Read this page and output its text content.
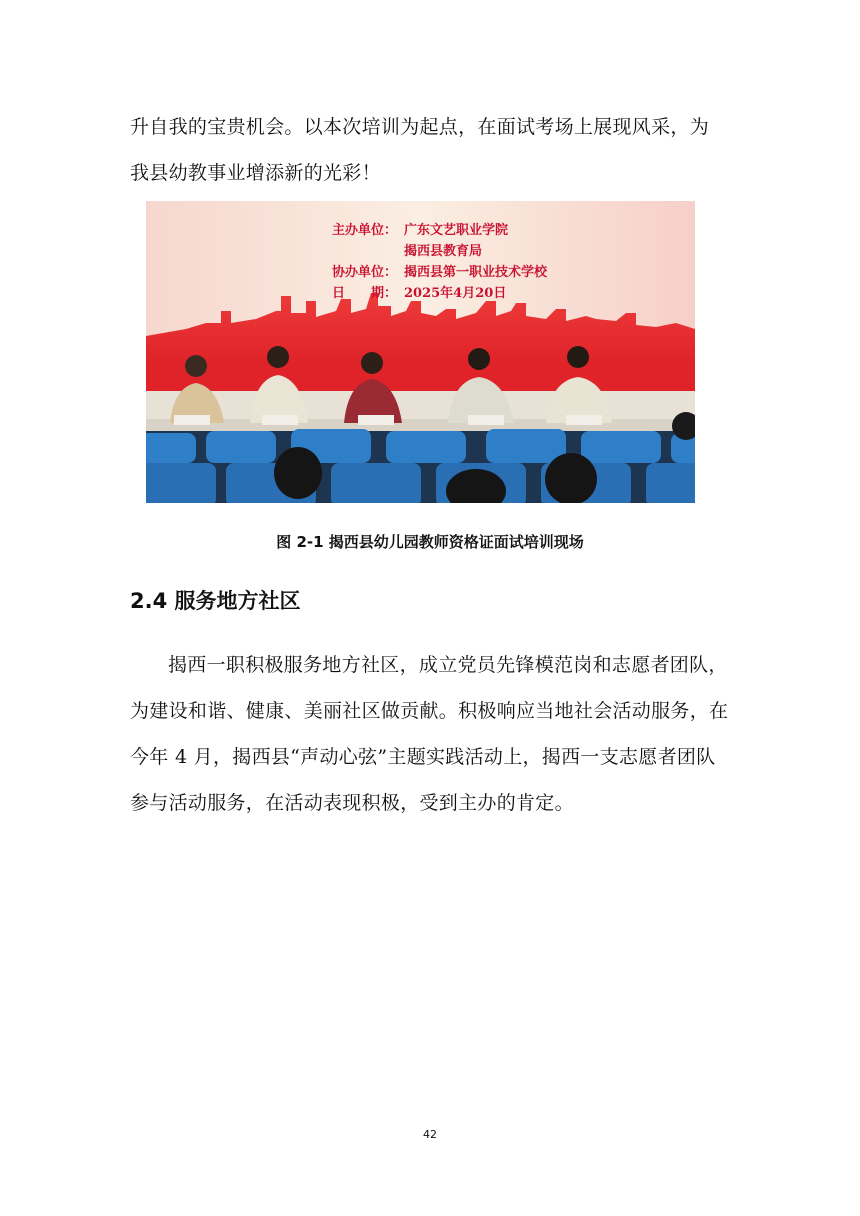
升自我的宝贵机会。以本次培训为起点，在面试考场上展现风采，为
我县幼教事业增添新的光彩！

主办单位： 广东文艺职业学院
揭西县教育局
协办单位： 揭西县第一职业技术学校
日　　期： 2025年4月20日

图 2-1 揭西县幼儿园教师资格证面试培训现场

2.4 服务地方社区

揭西一职积极服务地方社区，成立党员先锋模范岗和志愿者团队，为建设和谐、健康、美丽社区做贡献。积极响应当地社会活动服务，在今年 4 月，揭西县“声动心弦”主题实践活动上，揭西一支志愿者团队参与活动服务，在活动表现积极，受到主办的肯定。

42
